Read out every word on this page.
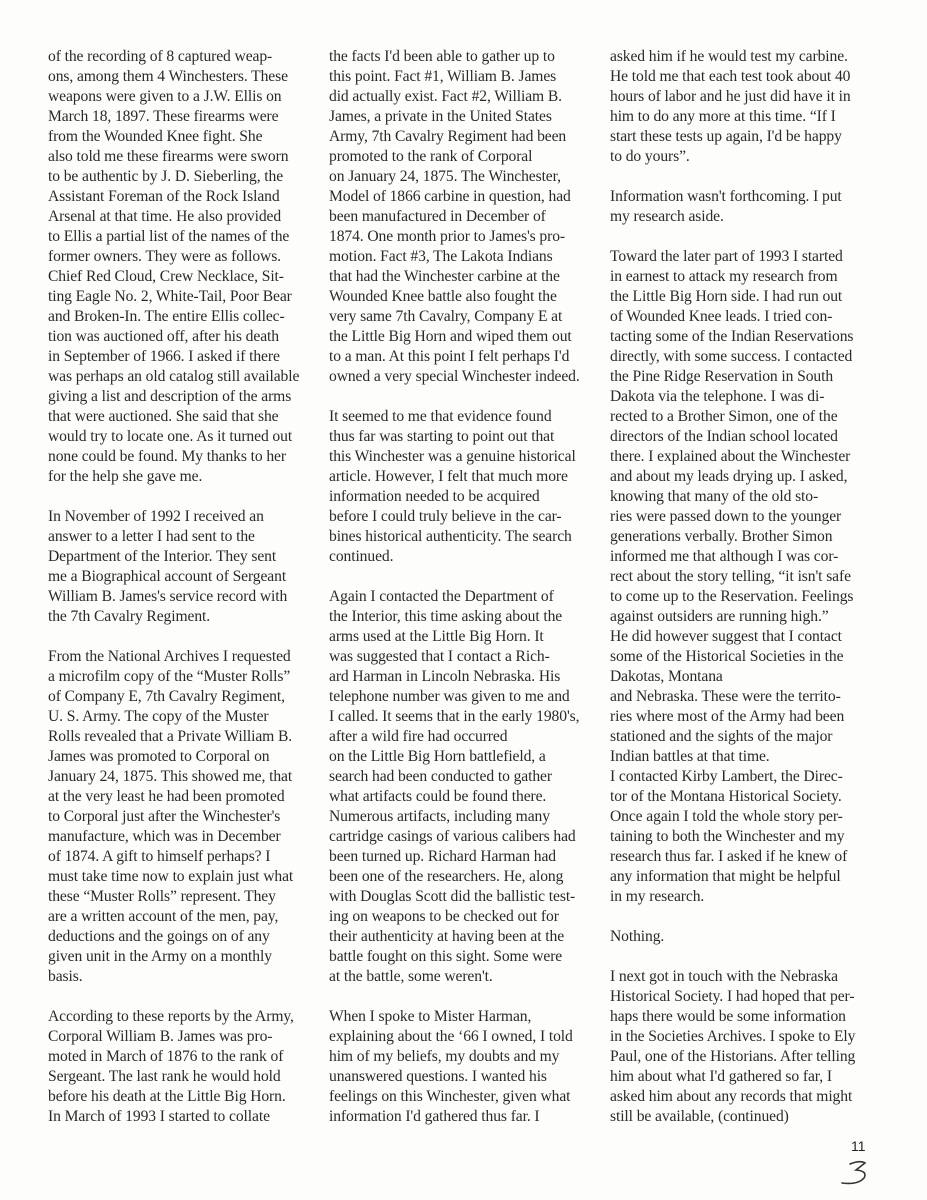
of the recording of 8 captured weap-
ons, among them 4 Winchesters. These
weapons were given to a J.W. Ellis on
March 18, 1897. These firearms were
from the Wounded Knee fight. She
also told me these firearms were sworn
to be authentic by J. D. Sieberling, the
Assistant Foreman of the Rock Island
Arsenal at that time. He also provided
to Ellis a partial list of the names of the
former owners. They were as follows.
Chief Red Cloud, Crew Necklace, Sit-
ting Eagle No. 2, White-Tail, Poor Bear
and Broken-In. The entire Ellis collec-
tion was auctioned off, after his death
in September of 1966. I asked if there
was perhaps an old catalog still available
giving a list and description of the arms
that were auctioned. She said that she
would try to locate one. As it turned out
none could be found. My thanks to her
for the help she gave me.
In November of 1992 I received an
answer to a letter I had sent to the
Department of the Interior. They sent
me a Biographical account of Sergeant
William B. James's service record with
the 7th Cavalry Regiment.
From the National Archives I requested
a microfilm copy of the “Muster Rolls”
of Company E, 7th Cavalry Regiment,
U. S. Army. The copy of the Muster
Rolls revealed that a Private William B.
James was promoted to Corporal on
January 24, 1875. This showed me, that
at the very least he had been promoted
to Corporal just after the Winchester's
manufacture, which was in December
of 1874. A gift to himself perhaps? I
must take time now to explain just what
these “Muster Rolls” represent. They
are a written account of the men, pay,
deductions and the goings on of any
given unit in the Army on a monthly
basis.
According to these reports by the Army,
Corporal William B. James was pro-
moted in March of 1876 to the rank of
Sergeant. The last rank he would hold
before his death at the Little Big Horn.
In March of 1993 I started to collate
the facts I'd been able to gather up to
this point. Fact #1, William B. James
did actually exist. Fact #2, William B.
James, a private in the United States
Army, 7th Cavalry Regiment had been
promoted to the rank of Corporal
on January 24, 1875. The Winchester,
Model of 1866 carbine in question, had
been manufactured in December of
1874. One month prior to James's pro-
motion. Fact #3, The Lakota Indians
that had the Winchester carbine at the
Wounded Knee battle also fought the
very same 7th Cavalry, Company E at
the Little Big Horn and wiped them out
to a man. At this point I felt perhaps I'd
owned a very special Winchester indeed.
It seemed to me that evidence found
thus far was starting to point out that
this Winchester was a genuine historical
article. However, I felt that much more
information needed to be acquired
before I could truly believe in the car-
bines historical authenticity. The search
continued.
Again I contacted the Department of
the Interior, this time asking about the
arms used at the Little Big Horn. It
was suggested that I contact a Rich-
ard Harman in Lincoln Nebraska. His
telephone number was given to me and
I called. It seems that in the early 1980's,
after a wild fire had occurred
on the Little Big Horn battlefield, a
search had been conducted to gather
what artifacts could be found there.
Numerous artifacts, including many
cartridge casings of various calibers had
been turned up. Richard Harman had
been one of the researchers. He, along
with Douglas Scott did the ballistic test-
ing on weapons to be checked out for
their authenticity at having been at the
battle fought on this sight. Some were
at the battle, some weren't.
When I spoke to Mister Harman,
explaining about the ‘66 I owned, I told
him of my beliefs, my doubts and my
unanswered questions. I wanted his
feelings on this Winchester, given what
information I'd gathered thus far. I
asked him if he would test my carbine.
He told me that each test took about 40
hours of labor and he just did have it in
him to do any more at this time. “If I
start these tests up again, I'd be happy
to do yours”.
Information wasn't forthcoming. I put
my research aside.
Toward the later part of 1993 I started
in earnest to attack my research from
the Little Big Horn side. I had run out
of Wounded Knee leads. I tried con-
tacting some of the Indian Reservations
directly, with some success. I contacted
the Pine Ridge Reservation in South
Dakota via the telephone. I was di-
rected to a Brother Simon, one of the
directors of the Indian school located
there. I explained about the Winchester
and about my leads drying up. I asked,
knowing that many of the old sto-
ries were passed down to the younger
generations verbally. Brother Simon
informed me that although I was cor-
rect about the story telling, “it isn't safe
to come up to the Reservation. Feelings
against outsiders are running high.”
He did however suggest that I contact
some of the Historical Societies in the
Dakotas, Montana
and Nebraska. These were the territo-
ries where most of the Army had been
stationed and the sights of the major
Indian battles at that time.
I contacted Kirby Lambert, the Direc-
tor of the Montana Historical Society.
Once again I told the whole story per-
taining to both the Winchester and my
research thus far. I asked if he knew of
any information that might be helpful
in my research.
Nothing.
I next got in touch with the Nebraska
Historical Society. I had hoped that per-
haps there would be some information
in the Societies Archives. I spoke to Ely
Paul, one of the Historians. After telling
him about what I'd gathered so far, I
asked him about any records that might
still be available, (continued)
11
